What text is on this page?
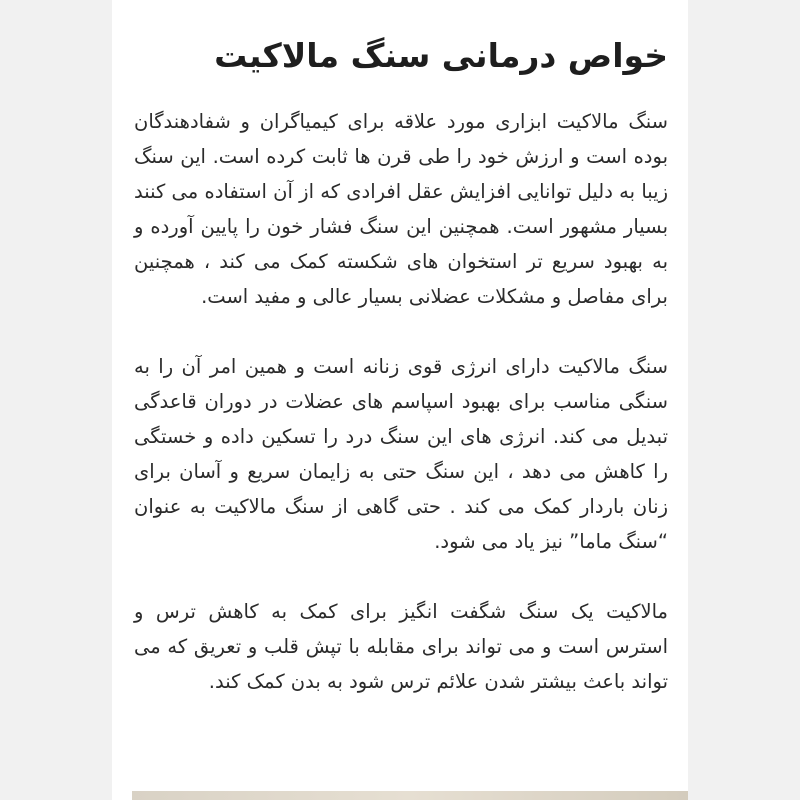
خواص درمانی سنگ مالاکیت

سنگ مالاکیت ابزاری مورد علاقه برای کیمیاگران و شفادهندگان بوده است و ارزش خود را طی قرن ها ثابت کرده است. این سنگ زیبا به دلیل توانایی افزایش عقل افرادی که از آن استفاده می کنند بسیار مشهور است. همچنین این سنگ فشار خون را پایین آورده و به بهبود سریع تر استخوان های شکسته کمک می کند ، همچنین برای مفاصل و مشکلات عضلانی بسیار عالی و مفید است.

سنگ مالاکیت دارای انرژی قوی زنانه است و همین امر آن را به سنگی مناسب برای بهبود اسپاسم های عضلات در دوران قاعدگی تبدیل می کند. انرژی های این سنگ درد را تسکین داده و خستگی را کاهش می دهد ، این سنگ حتی به زایمان سریع و آسان برای زنان باردار کمک می کند . حتی گاهی از سنگ مالاکیت به عنوان “سنگ ماما” نیز یاد می شود.

مالاکیت یک سنگ شگفت انگیز برای کمک به کاهش ترس و استرس است و می تواند برای مقابله با تپش قلب و تعریق که می تواند باعث بیشتر شدن علائم ترس شود به بدن کمک کند.
